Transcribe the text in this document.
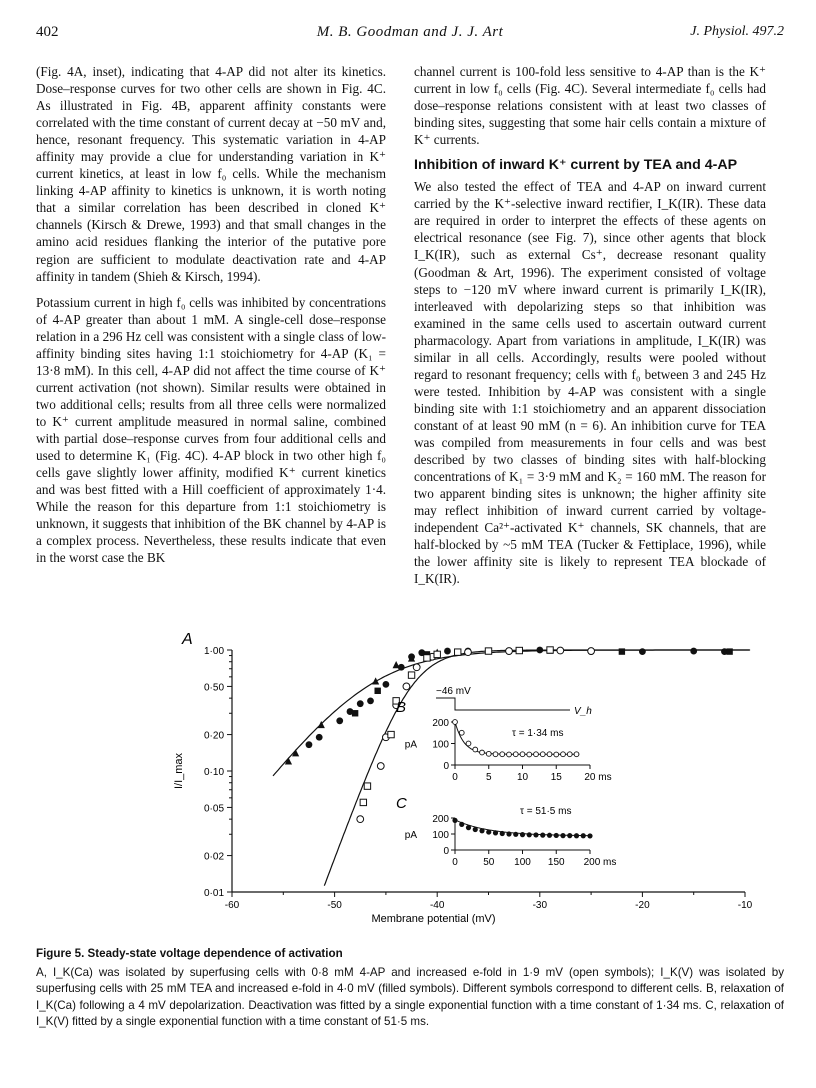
402	M. B. Goodman and J. J. Art	J. Physiol. 497.2

(Fig. 4A, inset), indicating that 4-AP did not alter its kinetics. Dose–response curves for two other cells are shown in Fig. 4C. As illustrated in Fig. 4B, apparent affinity constants were correlated with the time constant of current decay at −50 mV and, hence, resonant frequency. This systematic variation in 4-AP affinity may provide a clue for understanding variation in K⁺ current kinetics, at least in low f₀ cells. While the mechanism linking 4-AP affinity to kinetics is unknown, it is worth noting that a similar correlation has been described in cloned K⁺ channels (Kirsch & Drewe, 1993) and that small changes in the amino acid residues flanking the interior of the putative pore region are sufficient to modulate deactivation rate and 4-AP affinity in tandem (Shieh & Kirsch, 1994).

Potassium current in high f₀ cells was inhibited by concentrations of 4-AP greater than about 1 mM. A single-cell dose–response relation in a 296 Hz cell was consistent with a single class of low-affinity binding sites having 1:1 stoichiometry for 4-AP (K₁ = 13·8 mM). In this cell, 4-AP did not affect the time course of K⁺ current activation (not shown). Similar results were obtained in two additional cells; results from all three cells were normalized to K⁺ current amplitude measured in normal saline, combined with partial dose–response curves from four additional cells and used to determine K₁ (Fig. 4C). 4-AP block in two other high f₀ cells gave slightly lower affinity, modified K⁺ current kinetics and was best fitted with a Hill coefficient of approximately 1·4. While the reason for this departure from 1:1 stoichiometry is unknown, it suggests that inhibition of the BK channel by 4-AP is a complex process. Nevertheless, these results indicate that even in the worst case the BK

channel current is 100-fold less sensitive to 4-AP than is the K⁺ current in low f₀ cells (Fig. 4C). Several intermediate f₀ cells had dose–response relations consistent with at least two classes of binding sites, suggesting that some hair cells contain a mixture of K⁺ currents.

Inhibition of inward K⁺ current by TEA and 4-AP

We also tested the effect of TEA and 4-AP on inward current carried by the K⁺-selective inward rectifier, I_K(IR). These data are required in order to interpret the effects of these agents on electrical resonance (see Fig. 7), since other agents that block I_K(IR), such as external Cs⁺, decrease resonant quality (Goodman & Art, 1996). The experiment consisted of voltage steps to −120 mV where inward current is primarily I_K(IR), interleaved with depolarizing steps so that inhibition was examined in the same cells used to ascertain outward current pharmacology. Apart from variations in amplitude, I_K(IR) was similar in all cells. Accordingly, results were pooled without regard to resonant frequency; cells with f₀ between 3 and 245 Hz were tested. Inhibition by 4-AP was consistent with a single binding site with 1:1 stoichiometry and an apparent dissociation constant of at least 90 mM (n = 6). An inhibition curve for TEA was compiled from measurements in four cells and was best described by two classes of binding sites with half-blocking concentrations of K₁ = 3·9 mM and K₂ = 160 mM. The reason for two apparent binding sites is unknown; the higher affinity site may reflect inhibition of inward current carried by voltage-independent Ca²⁺-activated K⁺ channels, SK channels, that are half-blocked by ~5 mM TEA (Tucker & Fettiplace, 1996), while the lower affinity site is likely to represent TEA blockade of I_K(IR).

A
0·01
0·02
0·05
0·10
0·20
0·50
1·00
-60	-50	-40	-30	-20	-10
Membrane potential (mV)
I/I_max
B
−46 mV
V_h
0
100
200
pA
0	5	10 15 20 ms
τ = 1·34 ms
C
0
100
200
pA
0	50 100 150 200 ms
τ = 51·5 ms
Figure 5. Steady-state voltage dependence of activation
A, I_K(Ca) was isolated by superfusing cells with 0·8 mM 4-AP and increased e-fold in 1·9 mV (open symbols); I_K(V) was isolated by superfusing cells with 25 mM TEA and increased e-fold in 4·0 mV (filled symbols). Different symbols correspond to different cells. B, relaxation of I_K(Ca) following a 4 mV depolarization. Deactivation was fitted by a single exponential function with a time constant of 1·34 ms. C, relaxation of I_K(V) fitted by a single exponential function with a time constant of 51·5 ms.
